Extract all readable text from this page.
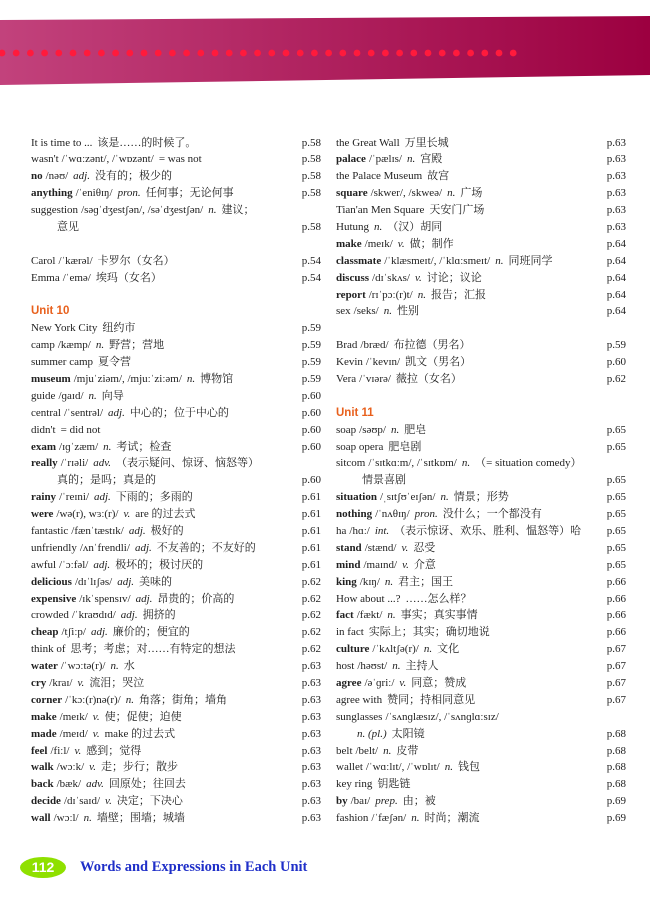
It is time to ... 该是……的时候了。	p.58
wasn't /ˈwɑːzənt/, /ˈwɒzənt/ = was not	p.58
no /nəʊ/ adj. 没有的；极少的	p.58
anything /ˈeniθɪŋ/ pron. 任何事；无论何事	p.58
suggestion /səɡˈdʒestʃən/, /səˈdʒestʃən/ n. 建议；
意见	p.58
Carol /ˈkærəl/ 卡罗尔（女名）	p.54
Emma /ˈemə/ 埃玛（女名）	p.54
Unit 10
New York City 纽约市	p.59
camp /kæmp/ n. 野营；营地	p.59
summer camp 夏令营	p.59
museum /mjuˈziəm/, /mjuːˈziːəm/ n. 博物馆	p.59
guide /ɡaɪd/ n. 向导	p.60
central /ˈsentrəl/ adj. 中心的；位于中心的	p.60
didn't = did not	p.60
exam /ɪɡˈzæm/ n. 考试；检查	p.60
really /ˈrɪəli/ adv. （表示疑问、惊讶、恼怒等）
真的；是吗；真是的	p.60
rainy /ˈreɪni/ adj. 下雨的；多雨的	p.61
were /wə(r), wɜː(r)/ v. are 的过去式	p.61
fantastic /fænˈtæstɪk/ adj. 极好的	p.61
unfriendly /ʌnˈfrendli/ adj. 不友善的；不友好的	p.61
awful /ˈɔːfəl/ adj. 极坏的；极讨厌的	p.61
delicious /dɪˈlɪʃəs/ adj. 美味的	p.62
expensive /ɪkˈspensɪv/ adj. 昂贵的；价高的	p.62
crowded /ˈkraʊdɪd/ adj. 拥挤的	p.62
cheap /tʃiːp/ adj. 廉价的；便宜的	p.62
think of 思考；考虑；对……有特定的想法	p.62
water /ˈwɔːtə(r)/ n. 水	p.63
cry /kraɪ/ v. 流泪；哭泣	p.63
corner /ˈkɔː(r)nə(r)/ n. 角落；街角；墙角	p.63
make /meɪk/ v. 使；促使；迫使	p.63
made /meɪd/ v. make 的过去式	p.63
feel /fiːl/ v. 感到；觉得	p.63
walk /wɔːk/ v. 走；步行；散步	p.63
back /bæk/ adv. 回原处；往回去	p.63
decide /dɪˈsaɪd/ v. 决定；下决心	p.63
wall /wɔːl/ n. 墙壁；围墙；城墙	p.63
the Great Wall 万里长城	p.63
palace /ˈpælɪs/ n. 宫殿	p.63
the Palace Museum 故宫	p.63
square /skwer/, /skweə/ n. 广场	p.63
Tian'an Men Square 天安门广场	p.63
Hutung n. （汉）胡同	p.63
make /meɪk/ v. 做；制作	p.64
classmate /ˈklæsmeɪt/, /ˈklɑːsmeɪt/ n. 同班同学	p.64
discuss /dɪˈskʌs/ v. 讨论；议论	p.64
report /rɪˈpɔː(r)t/ n. 报告；汇报	p.64
sex /seks/ n. 性别	p.64
Brad /bræd/ 布拉德（男名）	p.59
Kevin /ˈkevɪn/ 凯文（男名）	p.60
Vera /ˈvɪərə/ 薇拉（女名）	p.62
Unit 11
soap /səʊp/ n. 肥皂	p.65
soap opera 肥皂剧	p.65
sitcom /ˈsɪtkɑːm/, /ˈsɪtkɒm/ n. （= situation comedy）
情景喜剧	p.65
situation /ˌsɪtʃʊˈeɪʃən/ n. 情景；形势	p.65
nothing /ˈnʌθɪŋ/ pron. 没什么；一个都没有	p.65
ha /hɑː/ int. （表示惊讶、欢乐、胜利、愠怒等）哈 p.65
stand /stænd/ v. 忍受	p.65
mind /maɪnd/ v. 介意	p.65
king /kɪŋ/ n. 君主；国王	p.66
How about ...? ……怎么样？	p.66
fact /fækt/ n. 事实；真实事情	p.66
in fact 实际上；其实；确切地说	p.66
culture /ˈkʌltʃə(r)/ n. 文化	p.67
host /həʊst/ n. 主持人	p.67
agree /əˈɡriː/ v. 同意；赞成	p.67
agree with 赞同；持相同意见	p.67
sunglasses /ˈsʌnɡlæsɪz/, /ˈsʌnɡlɑːsɪz/
n. (pl.) 太阳镜	p.68
belt /belt/ n. 皮带	p.68
wallet /ˈwɑːlɪt/, /ˈwɒlɪt/ n. 钱包	p.68
key ring 钥匙链	p.68
by /baɪ/ prep. 由；被	p.69
fashion /ˈfæʃən/ n. 时尚；潮流	p.69
112	Words and Expressions in Each Unit
